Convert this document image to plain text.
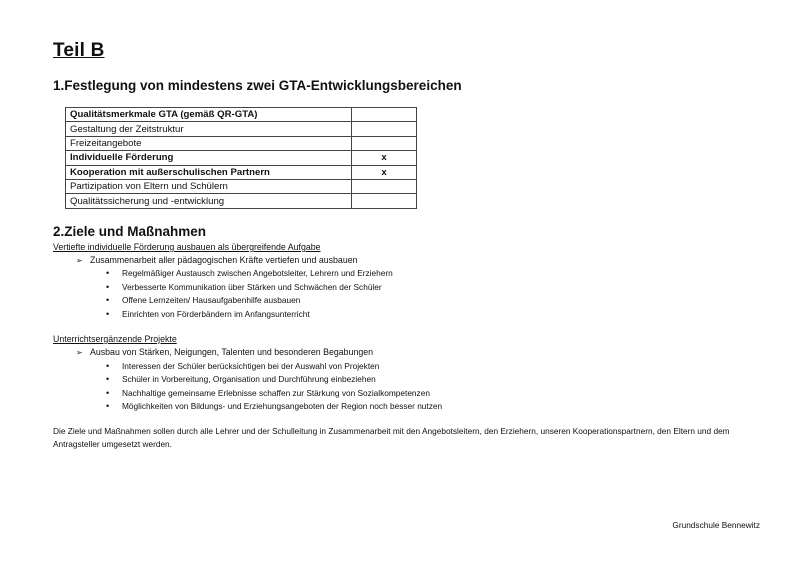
Teil B
1.Festlegung von mindestens zwei GTA-Entwicklungsbereichen
Qualitätsmerkmale GTA (gemäß QR-GTA)	
Gestaltung der Zeitstruktur	
Freizeitangebote	
Individuelle Förderung	x
Kooperation mit außerschulischen Partnern	x
Partizipation von Eltern und Schülern	
Qualitätssicherung und -entwicklung	
2.Ziele und Maßnahmen
Vertiefte individuelle Förderung ausbauen als übergreifende Aufgabe
➢ Zusammenarbeit aller pädagogischen Kräfte vertiefen und ausbauen
• Regelmäßiger Austausch zwischen Angebotsleiter, Lehrern und Erziehern
• Verbesserte Kommunikation über Stärken und Schwächen der Schüler
• Offene Lernzeiten/ Hausaufgabenhilfe ausbauen
• Einrichten von Förderbändern im Anfangsunterricht
Unterrichtsergänzende Projekte
➢ Ausbau von Stärken, Neigungen, Talenten und besonderen Begabungen
• Interessen der Schüler berücksichtigen bei der Auswahl von Projekten
• Schüler in Vorbereitung, Organisation und Durchführung einbeziehen
• Nachhaltige gemeinsame Erlebnisse schaffen zur Stärkung von Sozialkompetenzen
• Möglichkeiten von Bildungs- und Erziehungsangeboten der Region noch besser nutzen
Die Ziele und Maßnahmen sollen durch alle Lehrer und der Schulleitung in Zusammenarbeit mit den Angebotsleitern, den Erziehern, unseren Kooperationspartnern, den Eltern und dem Antragsteller umgesetzt werden.
Grundschule Bennewitz
